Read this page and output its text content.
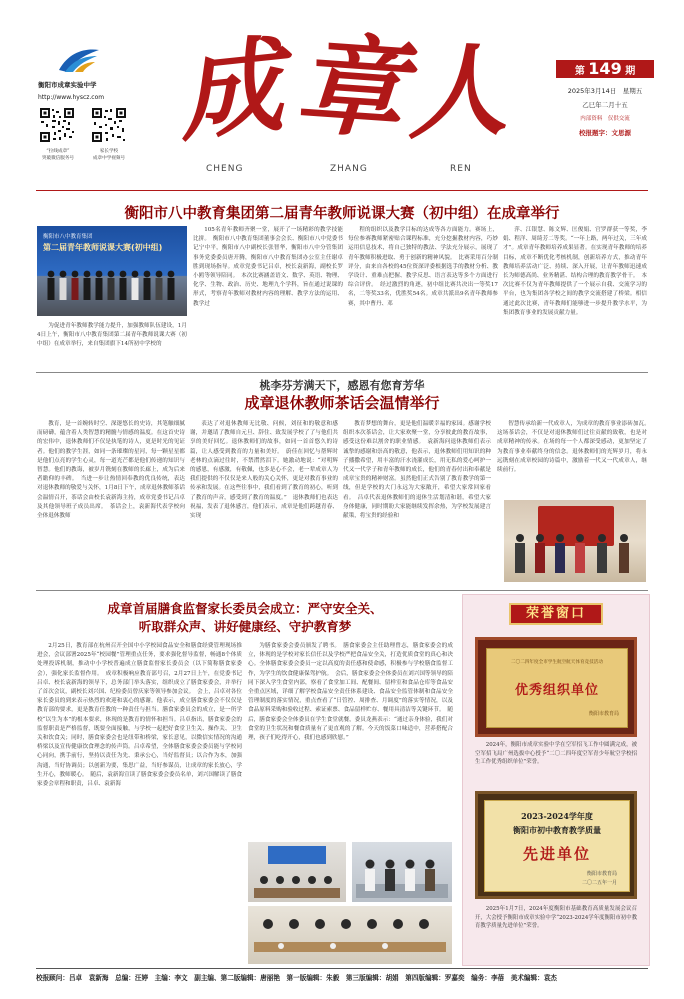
衡阳市成章实验中学
http://www.hyscz.com
“拉线成章”
突破微信服务号
家长学校
成章中学视频号
成 章
人
CHENG	ZHANG	REN
第 149 期
2025年3月14日　星期五
乙巳年二月十五
内部资料　仅供交流
校报题字：文思源
衡阳市八中教育集团第二届青年教师说课大赛（初中组）在成章举行
衡阳市八中教育集团
第二届青年教师说课大赛(初中组)
为促进青年教师教学能力提升，加强教师队伍建设，1月4日上午，衡阳市八中教育集团第二届青年教师说课大赛（初中组）在成章举行，来自集团旗下14所初中学校的
105名青年教师齐聚一堂，展开了一场精彩的教学技能比拼。　衡阳市八中教育集团董事会会长、衡阳市八中党委书记宁中平，衡阳市八中副校长张智华，衡阳市八中分管集团事务党委委员唐开腾，衡阳市八中教育集团办公室主任谢卓胜到现场指导。成章党委书记吕卓，校长袁新海，副校长罗小鸥等领导陪同。　本次比赛涵盖语文、数学、英语、物理、化学、生物、政治、历史、地理九个学科，旨在通过说课的形式，考察青年教师对教材内容的理解、教学方法的运用、教学过
程的组织以及教学目标的达成等各方面能力。赛场上，每位参赛教师紧密贴合课程标准，充分挖掘教材内容，巧妙运用信息技术，将自己独特的教法、学法充分展示，展现了青年教师积极进取、勇于创新的精神风貌。　比赛采用百分制评分，由来自各校的45位资深评委根据选手的教材分析、教学设计、重难点把握、教学反思、语言表达等多个方面进行综合评价。　经过激烈的角逐，初中组比赛共决出一等奖17名，二等奖33名，优胜奖54名。成章共派出9名青年教师参赛，其中曹丹、邓
萍、江银慧、陈文辉、匡俊娟、官罗群获一等奖，李娟、程洋、周绮芳二等奖。“一年上路，两年过关，三年成才”。成章青年教师培养成果显著。在实现青年教师的培养目标，成章不断优化考核机制，创新培养方式，推动青年教师培养活动广泛、持续、深入开展，让青年教师迅速成长为师德高尚、业务精湛、结构合理的教育教学骨干。　本次比赛不仅为青年教师提供了一个展示自我、交流学习的平台，也为集团各学校之间的教学交流搭建了桥梁。相信通过此次比赛，青年教师们能够进一步提升教学水平，为集团教育事业的发展贡献力量。
桃李芬芳满天下，感恩有您育芳华
成章退休教师茶话会温情举行
教育，是一首婉转时空、深邃悠长的史诗，其笔触细腻而磅礴，蕴含着人类智慧的精髓与情感的温度。在这首史诗的宏伟中，退休教师们不仅是执笔的诗人，更是时光的见证者。他们的教学生涯，如同一条璀璨的星河，每一颗星星都是他们点亮的学生心灵，每一道光芒都是他们传递的知识与智慧。他们的教诲，被岁月镌刻在教师的长廊上，成为后来者瞻仰的丰碑。　当进一步让热情回奉教的优良传统，表达对退休教师的敬爱与关怀，1月8日下午，成章退休教师茶话会温情召开，茶话会由校长袁新海主持，成章党委书记吕卓及其他领导班子成员出席。　茶话会上，袁新海代表学校向全体退休教师
表达了对退休教师无比敬、问候，刘征和的敬意和感谢，并邀请了教师自元旦、辞住、致发展学校了了与他们共享的美好回忆。退休教师们的故事，如同一首首悠久的诗篇，让人感受到教育的力量和美好。　蔚佳在回忆与帮辉时老林的点滴过往时，不禁潸然泪下。她激动地说：“对明辉的感恩，有感激，有敬佩，也多是心不会，老一辈成章人为我们提供的不仅仅是来人般的关心关怀，更是对教育事业的传承和发展。在这些往事中，我们看到了教育的初心，听到了教育的声音，感受到了教育的温度。”　退休教师们也表达祝福，发表了退休感言，他们表示，成章是他们跨越青春、实现
教育梦想的舞台，更是他们温暖幸福的家园。感谢学校组织本次茶话会，让大家欢聚一堂，分享彼此的教育故事，感受这份难以割舍的职业情感。　袁新海问退休教师们表示诚挚的感谢和崇高的敬意，他表示，退休教师们用知识的种子播撒希望，用丰富的汗水浇灌成长，用无私的爱心呵护一代又一代学子和青年教师的成长，他们的青春付出和奉献是成章宝贵的精神财富。虽然他们正式告别了教育教学的第一线，但是学校的大门永远为大家敞开，希望大家常回家看看。　吕卓代表退休教师们的退休生活划清和谐，希望大家身体健康，同时期盼大家能继续发挥余热，为学校发展建言献策，将宝贵的经验和
智慧传承给新一代成章人，为成章的教育事业添砖加瓦。　这场茶话会，不仅是对退休教师们过往贡献的致敬，也是对成章精神的传承。在场的每一个人都深受感动，更加坚定了为教育事业奉献终身的信念。退休教师们的光辉岁月，将永远镌刻在成章校园的诗篇中，激励着一代又一代成章人，继续前行。
成章首届膳食监督家长委员会成立：严守安全关、
听取群众声、讲好健康经、守护教育梦
2月25日，教育部在杭州召开全国中小学校园食品安全和膳食经费管理现场推进会，会议部署2025年“校园餐”管理重点任务，要求强化督导监督，畅通8个体质处理投诉机制，推动中小学校普遍成立膳食监督家长委员会（以下简称膳食家委会），强化家长监督作用。　成章积极响应教育部号召，2月27日上午，在党委书记吕卓、校长袁新海的领导下，总务部门举头落实，组织成立了膳食家委会，并举行了首次会议，副校长刘兴国、纪检委员曾庆家等领导参加会议。　会上，吕卓对各位家长委员的到来表示热烈的欢迎和衷心的感谢。他表示，成立膳食家委会不仅仅是教育部的要求，更是教育任教的一种责任与担当。膳食家委员会的成立，是一所学校“以生为本”的根本要求，体现的是教育的情怀和担当。吕卓指出，膳食家委会的监督职责是严格监督，既要全面接触，与学校一起把好食堂卫生关、操作关、卫生关和饮食关；同时，膳食家委会也是纽带和桥梁，家长意见，以微信实情况的沟通桥梁以及宣传健康饮食理念的传声筒。吕卓希望，全体膳食家委会委员能与学校同心同向，携手前行，坚持以责任为先、秉承公心，当好监督员；以合作为本，加强沟通，当好协调员；以创新为要，集思广益，当好参谋员，让成章的家长放心，学生开心，教师暖心。　随后，袁新海宣读了膳食家委会委员名单，刘兴国解读了膳食家委会章程和职责，吕卓、袁新海
为膳食家委会委员颁发了聘书。　膳食家委会主任助理曾志，膳食家委会的成立，体现的是学校对家长信任以及学校严把食品安全关，打造优质食堂的真心和决心。全体膳食家委会委员一定以高度的责任感和使命感，积极参与学校膳食监督工作，为学生的饮食健康保驾护航。　会后，膳食家委会全体委员在刘兴国等领导的陪同下深入学生食堂内部，察看了食堂加工间、配餐间、留样室和食品仓库等食品安全重点区域，详细了解学校食品安全责任体系建设、食品安全监管体制和食品安全管理制度的落实情况，重点查看了“日管控、周排查、月调度”的落实等情况，以及食品原料采购和验收过程、索证索票、食品留样贮存、餐用具清洁等关键环节。　随后，膳食家委会全体委员在学生食堂就餐，委员龙燕表示：“通过亲身体验，我们对食堂的卫生状况和餐食质量有了更直观的了解。今天的饭菜口味适中，营养搭配合理，孩子们吃得开心，我们也感到欣慰。”
荣誉窗口
二〇二四年度全市学生航空航天体育竞技活动
优秀组织单位
衡阳市教育局
2024年，衡阳市成章实验中学在空军招飞工作中圆满完成，被空军招飞局广州选拔中心授予“二〇二四年度空军青少年航空学校招生工作优秀组织单位”荣誉。
2023-2024学年度
衡阳市初中教育教学质量
先进单位
衡阳市教育局
二〇二五年一月
2025年1月7日，2024年度衡阳市基础教育高质量发展会议召开，大会授予衡阳市成章实验中学“2023-2024学年度衡阳市初中教育教学质量先进单位”荣誉。
校报顾问：吕卓　袁新海　总编：汪婷　主编：李文　副主编、第二版编辑：唐丽艳　第一版编辑：朱毅　第三版编辑：胡娟　第四版编辑：罗嘉奕　编务：李蓓　美术编辑：袁杰
